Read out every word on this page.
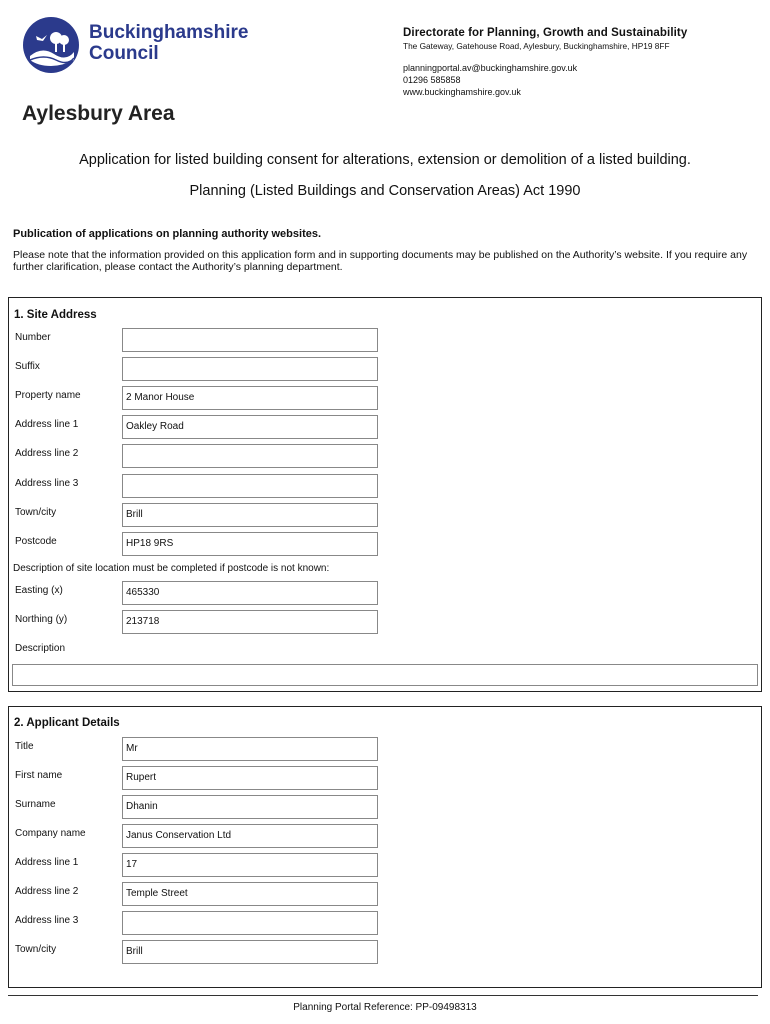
Buckinghamshire
Council
Directorate for Planning, Growth and Sustainability
The Gateway, Gatehouse Road, Aylesbury, Buckinghamshire, HP19 8FF
planningportal.av@buckinghamshire.gov.uk
01296 585858
www.buckinghamshire.gov.uk
Aylesbury Area
Application for listed building consent for alterations, extension or demolition of a listed building.
Planning (Listed Buildings and Conservation Areas) Act 1990
Publication of applications on planning authority websites.
Please note that the information provided on this application form and in supporting documents may be published on the Authority’s website. If you require any further clarification, please contact the Authority’s planning department.
1. Site Address
Number
Suffix
Property name	2 Manor House
Address line 1	Oakley Road
Address line 2
Address line 3
Town/city	Brill
Postcode	HP18 9RS
Description of site location must be completed if postcode is not known:
Easting (x)	465330
Northing (y)	213718
Description
2. Applicant Details
Title	Mr
First name	Rupert
Surname	Dhanin
Company name	Janus Conservation Ltd
Address line 1	17
Address line 2	Temple Street
Address line 3
Town/city	Brill
Planning Portal Reference: PP-09498313
